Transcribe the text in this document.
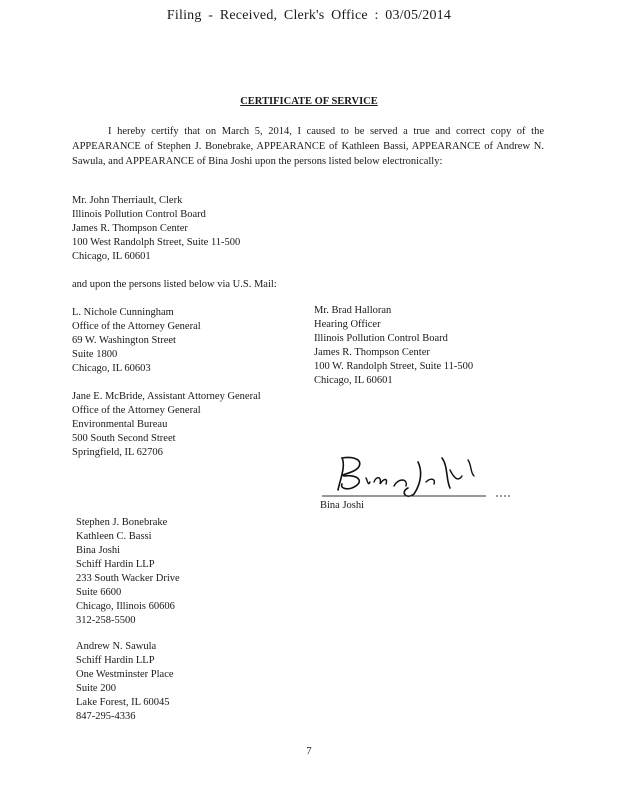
Filing - Received, Clerk's Office : 03/05/2014
CERTIFICATE OF SERVICE
I hereby certify that on March 5, 2014, I caused to be served a true and correct copy of the APPEARANCE of Stephen J. Bonebrake, APPEARANCE of Kathleen Bassi, APPEARANCE of Andrew N. Sawula, and APPEARANCE of Bina Joshi upon the persons listed below electronically:
Mr. John Therriault, Clerk
Illinois Pollution Control Board
James R. Thompson Center
100 West Randolph Street, Suite 11-500
Chicago, IL 60601
and upon the persons listed below via U.S. Mail:
L. Nichole Cunningham
Office of the Attorney General
69 W. Washington Street
Suite 1800
Chicago, IL 60603
Mr. Brad Halloran
Hearing Officer
Illinois Pollution Control Board
James R. Thompson Center
100 W. Randolph Street, Suite 11-500
Chicago, IL 60601
Jane E. McBride, Assistant Attorney General
Office of the Attorney General
Environmental Bureau
500 South Second Street
Springfield, IL 62706
Bina Joshi
Stephen J. Bonebrake
Kathleen C. Bassi
Bina Joshi
Schiff Hardin LLP
233 South Wacker Drive
Suite 6600
Chicago, Illinois 60606
312-258-5500
Andrew N. Sawula
Schiff Hardin LLP
One Westminster Place
Suite 200
Lake Forest, IL 60045
847-295-4336
7
